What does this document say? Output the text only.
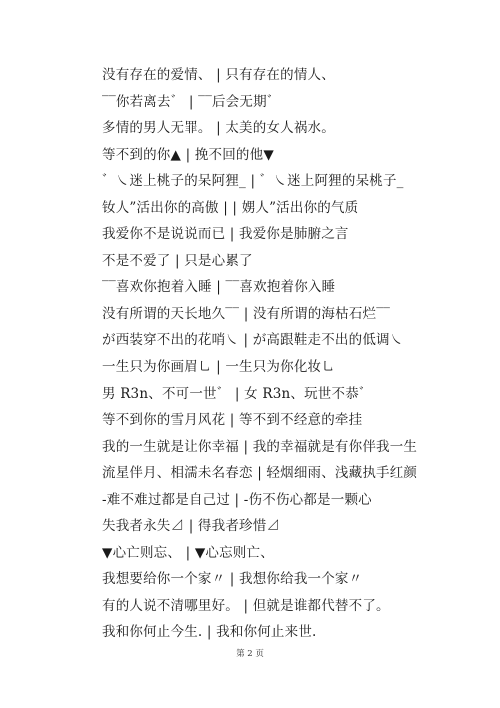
没有存在的爱情、 | 只有存在的情人、
‾‾你若离去゛ | ‾‾后会无期゛
多情的男人无罪。 | 太美的女人祸水。
等不到的你▲ | 挽不回的他▼
゛㇏迷上桃子的呆阿狸_ | ゛㇏迷上阿狸的呆桃子_
钕人”活出你的高傲 | | 娚人”活出你的气质
我爱你不是说说而已 | 我爱你是肺腑之言
不是不爱了 | 只是心累了
‾‾喜欢你抱着入睡 | ‾‾喜欢抱着你入睡
没有所谓的天长地久‾‾ | 没有所谓的海枯石烂‾‾
が西装穿不出的花哨㇏ | が高跟鞋走不出的低调㇏
一生只为你画眉㇟ | 一生只为你化妆㇟
男 R3n、不可一世゛ | 女 R3n、玩世不恭゛
等不到你的雪月风花 | 等不到不经意的牵挂
我的一生就是让你幸福 | 我的幸福就是有你伴我一生
流星伴月、相濡未名春恋 | 轻烟细雨、浅藏执手红颜
-难不难过都是自己过 | -伤不伤心都是一颗心
失我者永失⊿ | 得我者珍惜⊿
▼心亡则忘、 | ▼心忘则亡、
我想要给你一个家〃 | 我想你给我一个家〃
有的人说不清哪里好。 | 但就是谁都代替不了。
我和你何止今生. | 我和你何止来世.
第 2 页
